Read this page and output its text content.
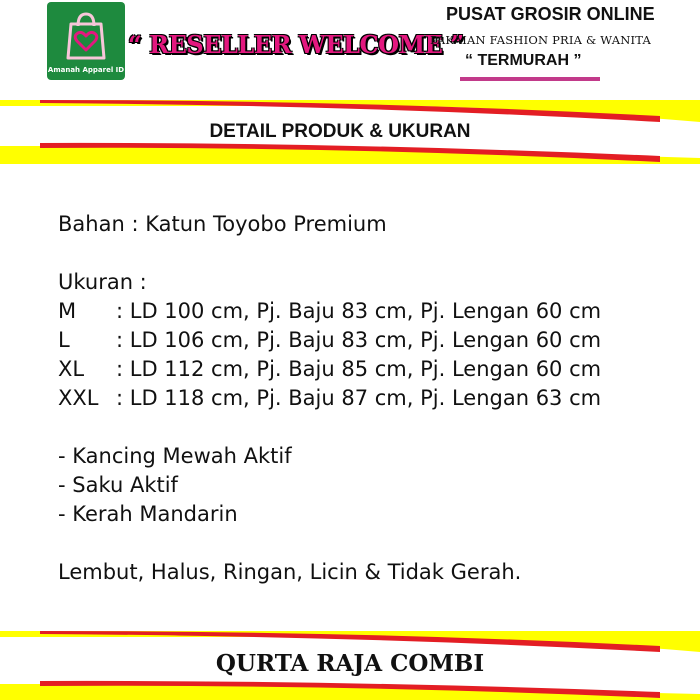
Amanah Apparel ID
“ RESELLER WELCOME ”
PUSAT GROSIR ONLINE
PAKAIAN FASHION PRIA & WANITA
“ TERMURAH ”
DETAIL PRODUK & UKURAN
Bahan : Katun Toyobo Premium
Ukuran :
M	: LD 100 cm, Pj. Baju 83 cm, Pj. Lengan 60 cm
L	: LD 106 cm, Pj. Baju 83 cm, Pj. Lengan 60 cm
XL	: LD 112 cm, Pj. Baju 85 cm, Pj. Lengan 60 cm
XXL : LD 118 cm, Pj. Baju 87 cm, Pj. Lengan 63 cm
- Kancing Mewah Aktif
- Saku Aktif
- Kerah Mandarin
Lembut, Halus, Ringan, Licin & Tidak Gerah.
QURTA RAJA COMBI
